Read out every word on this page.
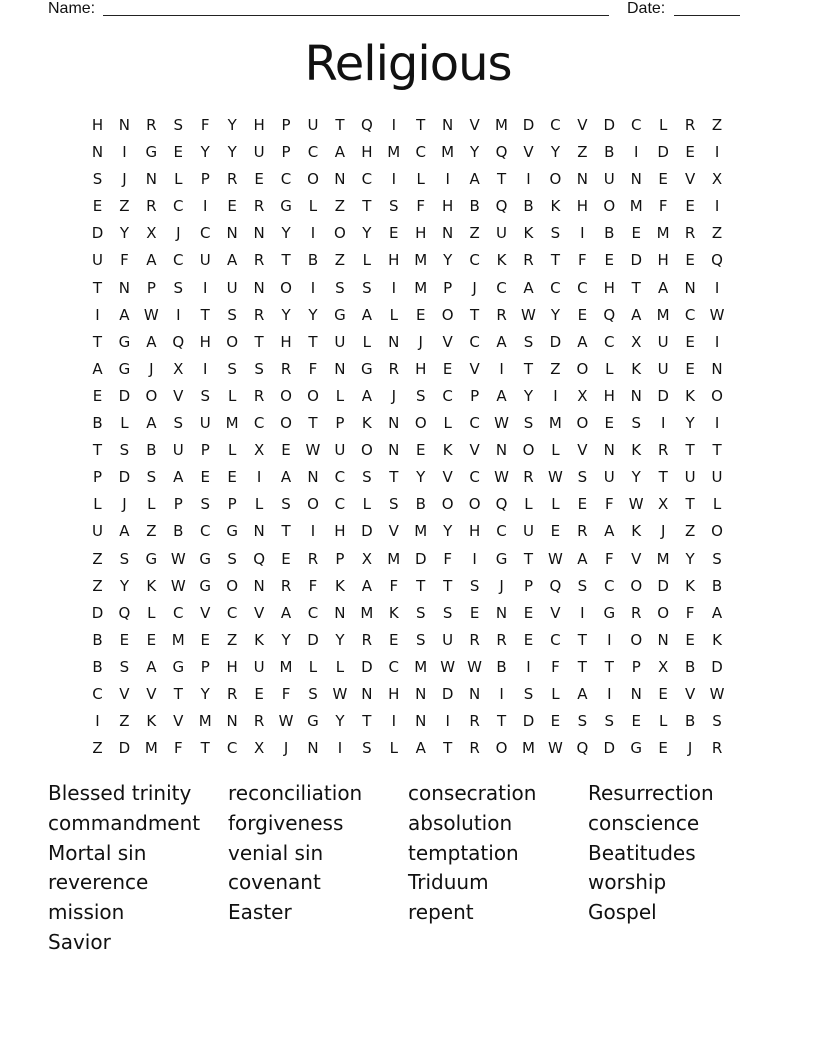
Name:	Date:
Religious
H	N	R	S	F	Y	H	P	U	T	Q	I	T	N	V	M D	C	V	D	C	L	R	Z
N	I	G	E	Y	Y	U	P	C	A	H M	C	M	Y	Q	V	Y	Z	B	I	D	E	I
S	J	N	L	P	R	E	C	O	N	C	I	L	I	A	T	I	O	N	U	N	E	V	X
E	Z	R	C	I	E	R	G	L	Z	T	S	F	H	B	Q	B	K	H	O M	F	E	I
D	Y	X	J	C	N	N	Y	I	O	Y	E	H	N	Z	U	K	S	I	B	E	M	R	Z
U	F	A	C	U	A	R	T	B	Z	L	H M	Y	C	K	R	T	F	E	D	H	E	Q
T	N	P	S	I	U	N	O	I	S	S	I	M	P	J	C	A	C	C	H	T	A	N	I
I	A W	I	T	S	R	Y	Y	G	A	L	E	O	T	R W Y	E	Q	A	M	C W
T	G	A	Q	H	O	T	H	T	U	L	N	J	V	C	A	S	D	A	C	X	U	E	I
A	G	J	X	I	S	S	R	F	N	G	R	H	E	V	I	T	Z	O	L	K	U	E	N
E	D	O	V	S	L	R	O	O	L	A	J	S	C	P	A	Y	I	X	H	N	D	K	O
B	L	A	S	U M	C	O	T	P	K	N	O	L	C W S	M O	E	S	I	Y	I
T	S	B	U	P	L	X	E W U	O	N	E	K	V	N	O	L	V	N	K	R	T	T
P	D	S	A	E	E	I	A	N	C	S	T	Y	V	C W R W S	U	Y	T	U	U
L	J	L	P	S	P	L	S	O	C	L	S	B	O	O	Q	L	L	E	F	W X	T	L
U	A	Z	B	C	G	N	T	I	H	D	V	M	Y	H	C	U	E	R	A	K	J	Z	O
Z	S	G W G	S	Q	E	R	P	X	M D	F	I	G	T W A	F	V	M	Y	S
Z	Y	K W G	O	N	R	F	K	A	F	T	T	S	J	P	Q	S	C	O	D	K	B
D	Q	L	C	V	C	V	A	C	N M	K	S	S	E	N	E	V	I	G	R	O	F	A
B	E	E	M	E	Z	K	Y	D	Y	R	E	S	U	R	R	E	C	T	I	O	N	E	K
B	S	A	G	P	H	U M	L	L	D	C	M W W B	I	F	T	T	P	X	B	D
C	V	V	T	Y	R	E	F	S W N	H	N	D	N	I	S	L	A	I	N	E	V W
I	Z	K	V	M N	R W G	Y	T	I	N	I	R	T	D	E	S	S	E	L	B	S
Z	D M	F	T	C	X	J	N	I	S	L	A	T	R	O M W Q	D	G	E	J	R
Blessed trinity	reconciliation	consecration	Resurrection
commandment	forgiveness	absolution	conscience
Mortal sin	venial sin	temptation	Beatitudes
reverence	covenant	Triduum	worship
mission	Easter	repent	Gospel
Savior
